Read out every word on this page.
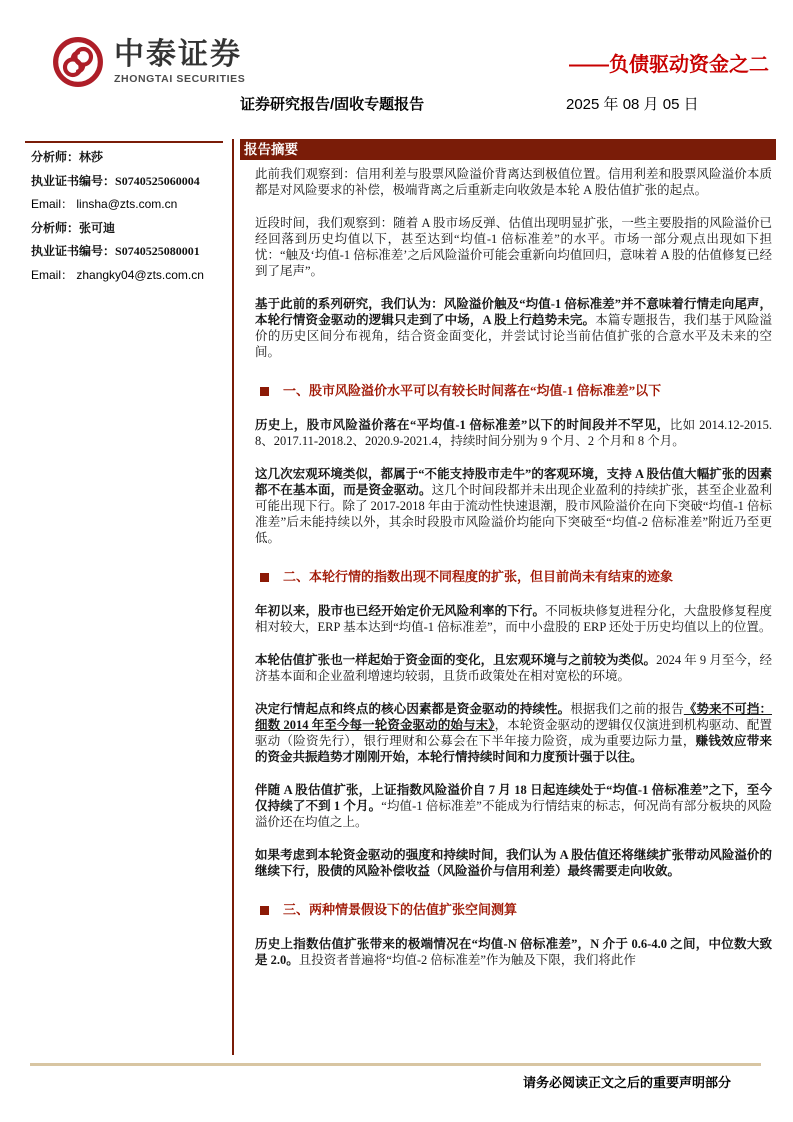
中泰证券
ZHONGTAI SECURITIES
——负债驱动资金之二
证券研究报告/固收专题报告	2025 年 08 月 05 日
分析师：林莎
执业证书编号：S0740525060004
Email： linsha@zts.com.cn
分析师：张可迪
执业证书编号：S0740525080001
Email： zhangky04@zts.com.cn
报告摘要

此前我们观察到：信用利差与股票风险溢价背离达到极值位置。信用利差和股票风险溢价本质都是对风险要求的补偿，极端背离之后重新走向收敛是本轮 A 股估值扩张的起点。

近段时间，我们观察到：随着 A 股市场反弹、估值出现明显扩张，一些主要股指的风险溢价已经回落到历史均值以下，甚至达到“均值-1 倍标准差”的水平。市场一部分观点出现如下担忧：“触及‘均值-1 倍标准差’之后风险溢价可能会重新向均值回归，意味着 A 股的估值修复已经到了尾声”。

基于此前的系列研究，我们认为：风险溢价触及“均值-1 倍标准差”并不意味着行情走向尾声，本轮行情资金驱动的逻辑只走到了中场，A 股上行趋势未完。本篇专题报告，我们基于风险溢价的历史区间分布视角，结合资金面变化，并尝试讨论当前估值扩张的合意水平及未来的空间。

一、股市风险溢价水平可以有较长时间落在“均值-1 倍标准差”以下

历史上，股市风险溢价落在“平均值-1 倍标准差”以下的时间段并不罕见，比如 2014.12-2015.8、2017.11-2018.2、2020.9-2021.4，持续时间分别为 9 个月、2 个月和 8 个月。

这几次宏观环境类似，都属于“不能支持股市走牛”的客观环境，支持 A 股估值大幅扩张的因素都不在基本面，而是资金驱动。这几个时间段都并未出现企业盈利的持续扩张，甚至企业盈利可能出现下行。除了 2017-2018 年由于流动性快速退潮，股市风险溢价在向下突破“均值-1 倍标准差”后未能持续以外，其余时段股市风险溢价均能向下突破至“均值-2 倍标准差”附近乃至更低。

二、本轮行情的指数出现不同程度的扩张，但目前尚未有结束的迹象

年初以来，股市也已经开始定价无风险利率的下行。不同板块修复进程分化，大盘股修复程度相对较大，ERP 基本达到“均值-1 倍标准差”，而中小盘股的 ERP 还处于历史均值以上的位置。

本轮估值扩张也一样起始于资金面的变化，且宏观环境与之前较为类似。2024 年 9 月至今，经济基本面和企业盈利增速均较弱，且货币政策处在相对宽松的环境。

决定行情起点和终点的核心因素都是资金驱动的持续性。根据我们之前的报告《势来不可挡：细数 2014 年至今每一轮资金驱动的始与末》，本轮资金驱动的逻辑仅仅演进到机构驱动、配置驱动（险资先行），银行理财和公募会在下半年接力险资，成为重要边际力量，赚钱效应带来的资金共振趋势才刚刚开始，本轮行情持续时间和力度预计强于以往。

伴随 A 股估值扩张，上证指数风险溢价自 7 月 18 日起连续处于“均值-1 倍标准差”之下，至今仅持续了不到 1 个月。“均值-1 倍标准差”不能成为行情结束的标志，何况尚有部分板块的风险溢价还在均值之上。

如果考虑到本轮资金驱动的强度和持续时间，我们认为 A 股估值还将继续扩张带动风险溢价的继续下行，股债的风险补偿收益（风险溢价与信用利差）最终需要走向收敛。

三、两种情景假设下的估值扩张空间测算

历史上指数估值扩张带来的极端情况在“均值-N 倍标准差”，N 介于 0.6-4.0 之间，中位数大致是 2.0。且投资者普遍将“均值-2 倍标准差”作为触及下限，我们将此作

请务必阅读正文之后的重要声明部分
